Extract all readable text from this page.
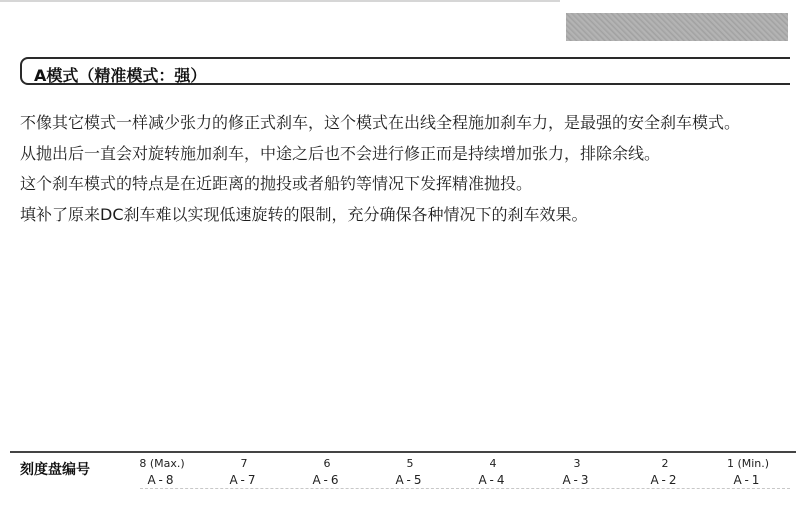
A模式（精准模式：强）

不像其它模式一样减少张力的修正式刹车，这个模式在出线全程施加刹车力，是最强的安全刹车模式。

从抛出后一直会对旋转施加刹车，中途之后也不会进行修正而是持续增加张力，排除余线。

这个刹车模式的特点是在近距离的抛投或者船钓等情况下发挥精准抛投。

填补了原来DC刹车难以实现低速旋转的限制，充分确保各种情况下的刹车效果。

刻度盘编号	8 (Max.)
A-8
7
A-7
6
A-6
5
A-5
4
A-4
3
A-3
2
A-2
1 (Min.)
A-1
